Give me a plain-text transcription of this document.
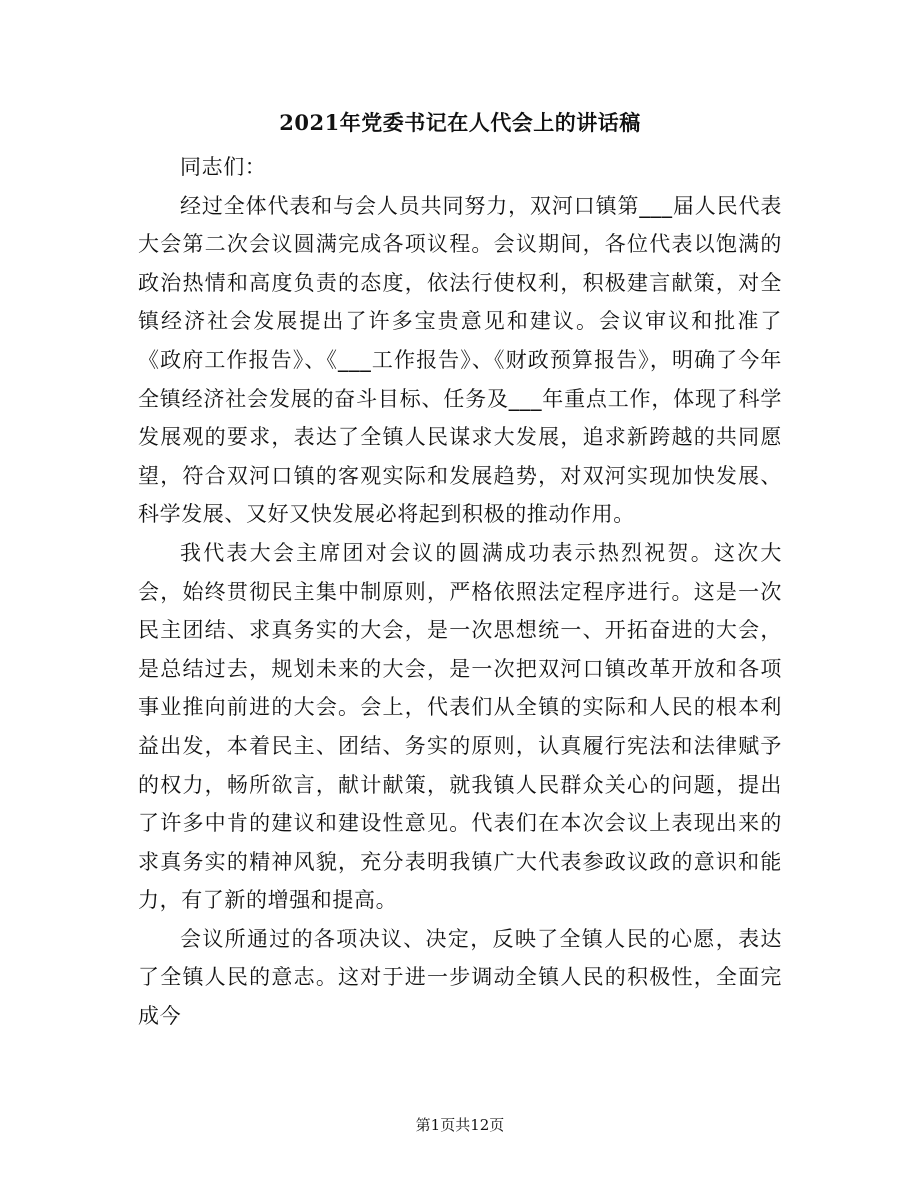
2021年党委书记在人代会上的讲话稿

同志们：

经过全体代表和与会人员共同努力，双河口镇第___届人民代表大会第二次会议圆满完成各项议程。会议期间，各位代表以饱满的政治热情和高度负责的态度，依法行使权利，积极建言献策，对全镇经济社会发展提出了许多宝贵意见和建议。会议审议和批准了《政府工作报告》、《___工作报告》、《财政预算报告》，明确了今年全镇经济社会发展的奋斗目标、任务及___年重点工作，体现了科学发展观的要求，表达了全镇人民谋求大发展，追求新跨越的共同愿望，符合双河口镇的客观实际和发展趋势，对双河实现加快发展、科学发展、又好又快发展必将起到积极的推动作用。

我代表大会主席团对会议的圆满成功表示热烈祝贺。这次大会，始终贯彻民主集中制原则，严格依照法定程序进行。这是一次民主团结、求真务实的大会，是一次思想统一、开拓奋进的大会，是总结过去，规划未来的大会，是一次把双河口镇改革开放和各项事业推向前进的大会。会上，代表们从全镇的实际和人民的根本利益出发，本着民主、团结、务实的原则，认真履行宪法和法律赋予的权力，畅所欲言，献计献策，就我镇人民群众关心的问题，提出了许多中肯的建议和建设性意见。代表们在本次会议上表现出来的求真务实的精神风貌，充分表明我镇广大代表参政议政的意识和能力，有了新的增强和提高。

会议所通过的各项决议、决定，反映了全镇人民的心愿，表达了全镇人民的意志。这对于进一步调动全镇人民的积极性，全面完成今

第1页共12页
